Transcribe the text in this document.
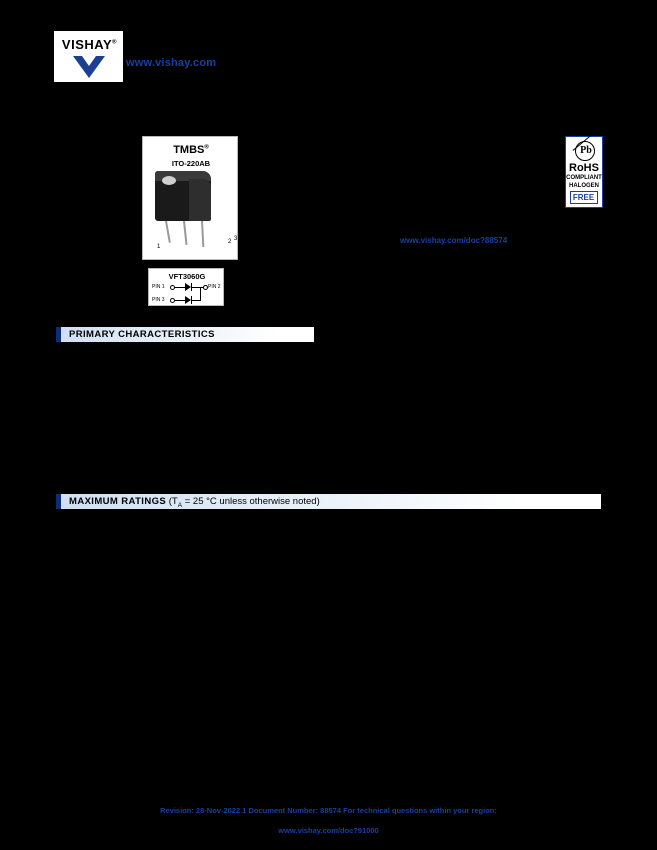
VISHAY®
www.vishay.com
TMBS®
ITO-220AB
1
2 3
VFT3060G
PIN 1
PIN 3
PIN 2
Pb
RoHS
COMPLIANT
HALOGEN
FREE
www.vishay.com/doc?88574
PRIMARY CHARACTERISTICS
MAXIMUM RATINGS ($T_A = 25$ °C unless otherwise noted)
Revision: 28-Nov-2022 1 Document Number: 88574 For technical questions within your region:
www.vishay.com/doc?91000
